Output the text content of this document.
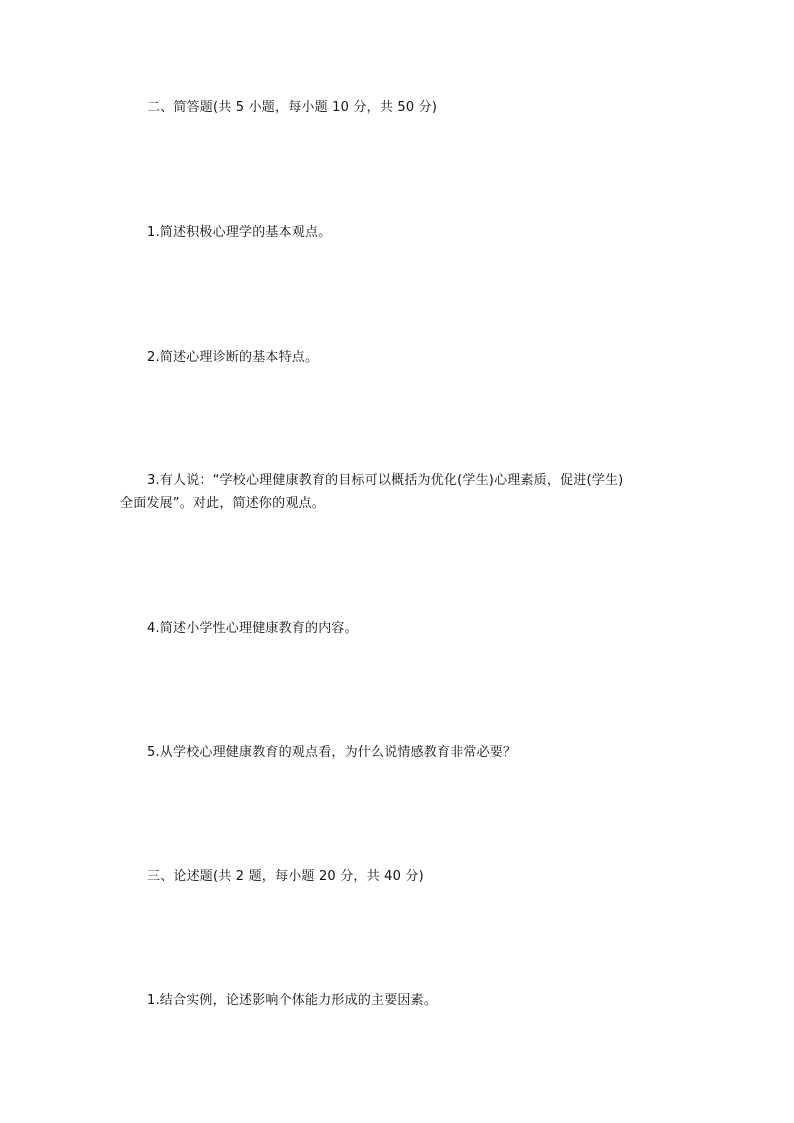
二、简答题(共 5 小题，每小题 10 分，共 50 分)
1.简述积极心理学的基本观点。
2.简述心理诊断的基本特点。
3.有人说：“学校心理健康教育的目标可以概括为优化(学生)心理素质，促进(学生)
全面发展”。对此，简述你的观点。
4.简述小学性心理健康教育的内容。
5.从学校心理健康教育的观点看，为什么说情感教育非常必要？
三、论述题(共 2 题，每小题 20 分，共 40 分)
1.结合实例，论述影响个体能力形成的主要因素。
